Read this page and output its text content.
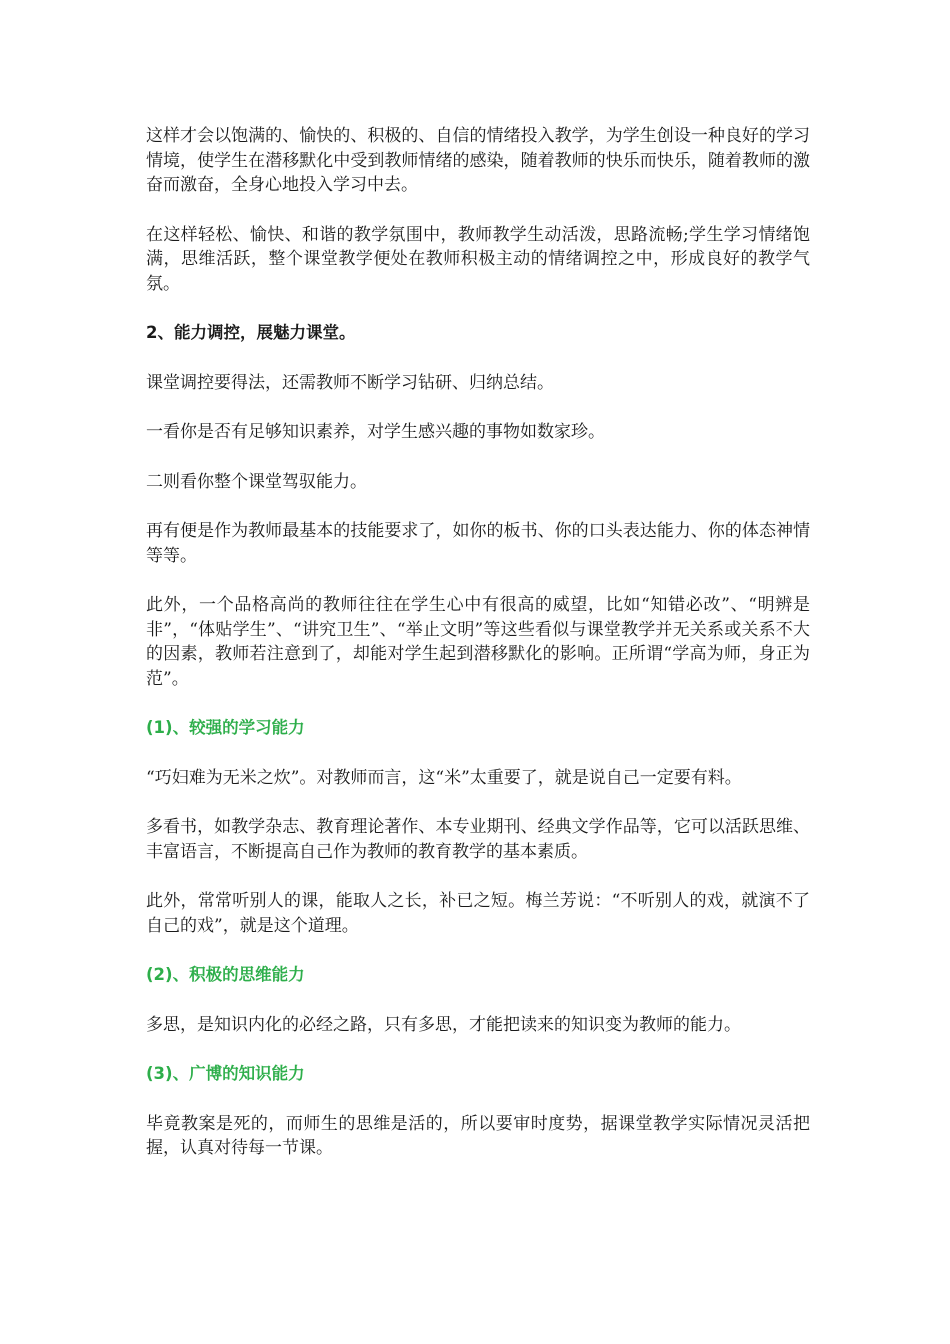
这样才会以饱满的、愉快的、积极的、自信的情绪投入教学，为学生创设一种良好的学习情境，使学生在潜移默化中受到教师情绪的感染，随着教师的快乐而快乐，随着教师的激奋而激奋，全身心地投入学习中去。

在这样轻松、愉快、和谐的教学氛围中，教师教学生动活泼，思路流畅;学生学习情绪饱满，思维活跃，整个课堂教学便处在教师积极主动的情绪调控之中，形成良好的教学气氛。

2、能力调控，展魅力课堂。

课堂调控要得法，还需教师不断学习钻研、归纳总结。

一看你是否有足够知识素养，对学生感兴趣的事物如数家珍。

二则看你整个课堂驾驭能力。

再有便是作为教师最基本的技能要求了，如你的板书、你的口头表达能力、你的体态神情等等。

此外，一个品格高尚的教师往往在学生心中有很高的威望，比如“知错必改”、“明辨是非”，“体贴学生”、“讲究卫生”、“举止文明”等这些看似与课堂教学并无关系或关系不大的因素，教师若注意到了，却能对学生起到潜移默化的影响。正所谓“学高为师，身正为范”。

(1)、较强的学习能力

“巧妇难为无米之炊”。对教师而言，这“米”太重要了，就是说自己一定要有料。

多看书，如教学杂志、教育理论著作、本专业期刊、经典文学作品等，它可以活跃思维、丰富语言，不断提高自己作为教师的教育教学的基本素质。

此外，常常听别人的课，能取人之长，补已之短。梅兰芳说：“不听别人的戏，就演不了自己的戏”，就是这个道理。

(2)、积极的思维能力

多思，是知识内化的必经之路，只有多思，才能把读来的知识变为教师的能力。

(3)、广博的知识能力

毕竟教案是死的，而师生的思维是活的，所以要审时度势，据课堂教学实际情况灵活把握，认真对待每一节课。
